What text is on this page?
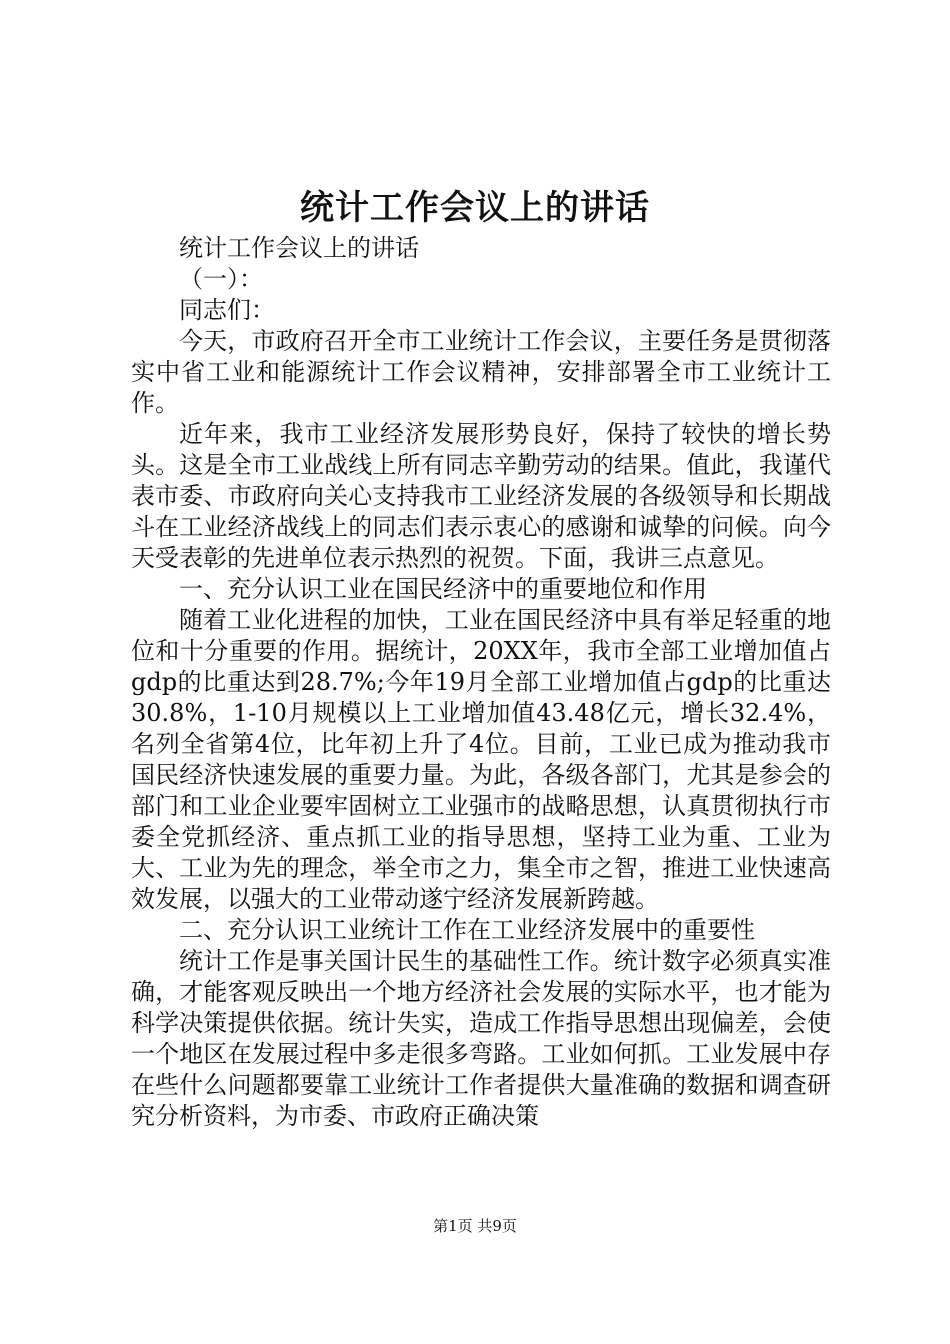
统计工作会议上的讲话

统计工作会议上的讲话

（一）：

同志们：

今天，市政府召开全市工业统计工作会议，主要任务是贯彻落实中省工业和能源统计工作会议精神，安排部署全市工业统计工作。

近年来，我市工业经济发展形势良好，保持了较快的增长势头。这是全市工业战线上所有同志辛勤劳动的结果。值此，我谨代表市委、市政府向关心支持我市工业经济发展的各级领导和长期战斗在工业经济战线上的同志们表示衷心的感谢和诚挚的问候。向今天受表彰的先进单位表示热烈的祝贺。下面，我讲三点意见。

一、充分认识工业在国民经济中的重要地位和作用

随着工业化进程的加快，工业在国民经济中具有举足轻重的地位和十分重要的作用。据统计，20XX年，我市全部工业增加值占gdp的比重达到28.7%;今年19月全部工业增加值占gdp的比重达30.8%，1-10月规模以上工业增加值43.48亿元，增长32.4%，名列全省第4位，比年初上升了4位。目前，工业已成为推动我市国民经济快速发展的重要力量。为此，各级各部门，尤其是参会的部门和工业企业要牢固树立工业强市的战略思想，认真贯彻执行市委全党抓经济、重点抓工业的指导思想，坚持工业为重、工业为大、工业为先的理念，举全市之力，集全市之智，推进工业快速高效发展，以强大的工业带动遂宁经济发展新跨越。

二、充分认识工业统计工作在工业经济发展中的重要性

统计工作是事关国计民生的基础性工作。统计数字必须真实准确，才能客观反映出一个地方经济社会发展的实际水平，也才能为科学决策提供依据。统计失实，造成工作指导思想出现偏差，会使一个地区在发展过程中多走很多弯路。工业如何抓。工业发展中存在些什么问题都要靠工业统计工作者提供大量准确的数据和调查研究分析资料，为市委、市政府正确决策

第1页 共9页
